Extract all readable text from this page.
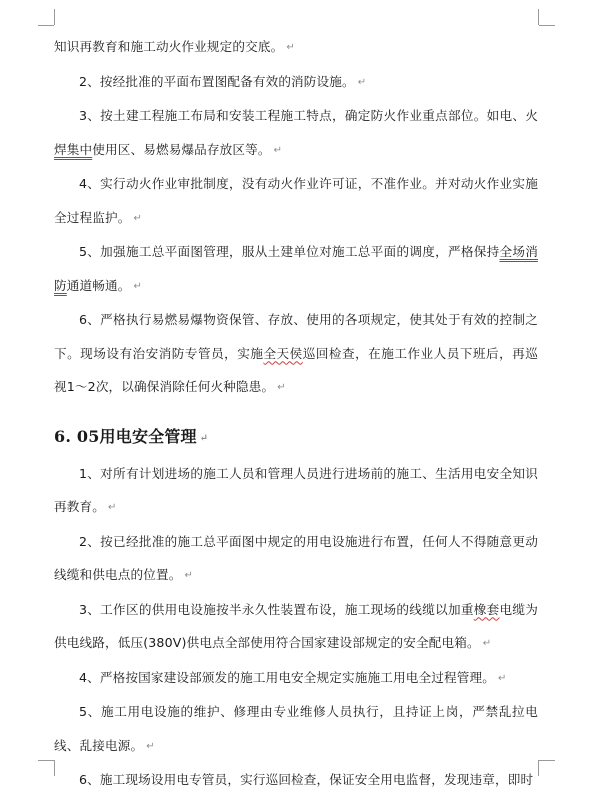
知识再教育和施工动火作业规定的交底。 ↵

2、按经批准的平面布置图配备有效的消防设施。 ↵

3、按土建工程施工布局和安装工程施工特点，确定防火作业重点部位。如电、火焊集中使用区、易燃易爆品存放区等。 ↵

4、实行动火作业审批制度，没有动火作业许可证，不准作业。并对动火作业实施全过程监护。 ↵

5、加强施工总平面图管理，服从土建单位对施工总平面的调度，严格保持全场消防通道畅通。 ↵

6、严格执行易燃易爆物资保管、存放、使用的各项规定，使其处于有效的控制之下。现场设有治安消防专管员，实施全天侯巡回检查，在施工作业人员下班后，再巡视1～2次，以确保消除任何火种隐患。 ↵

6. 05用电安全管理 ↵

1、对所有计划进场的施工人员和管理人员进行进场前的施工、生活用电安全知识再教育。 ↵

2、按已经批准的施工总平面图中规定的用电设施进行布置，任何人不得随意更动线缆和供电点的位置。 ↵

3、工作区的供用电设施按半永久性装置布设，施工现场的线缆以加重橡套电缆为供电线路，低压(380V)供电点全部使用符合国家建设部规定的安全配电箱。 ↵

4、严格按国家建设部颁发的施工用电安全规定实施施工用电全过程管理。 ↵

5、施工用电设施的维护、修理由专业维修人员执行，且持证上岗，严禁乱拉电线、乱接电源。 ↵

6、施工现场设用电专管员，实行巡回检查，保证安全用电监督，发现违章，即时
